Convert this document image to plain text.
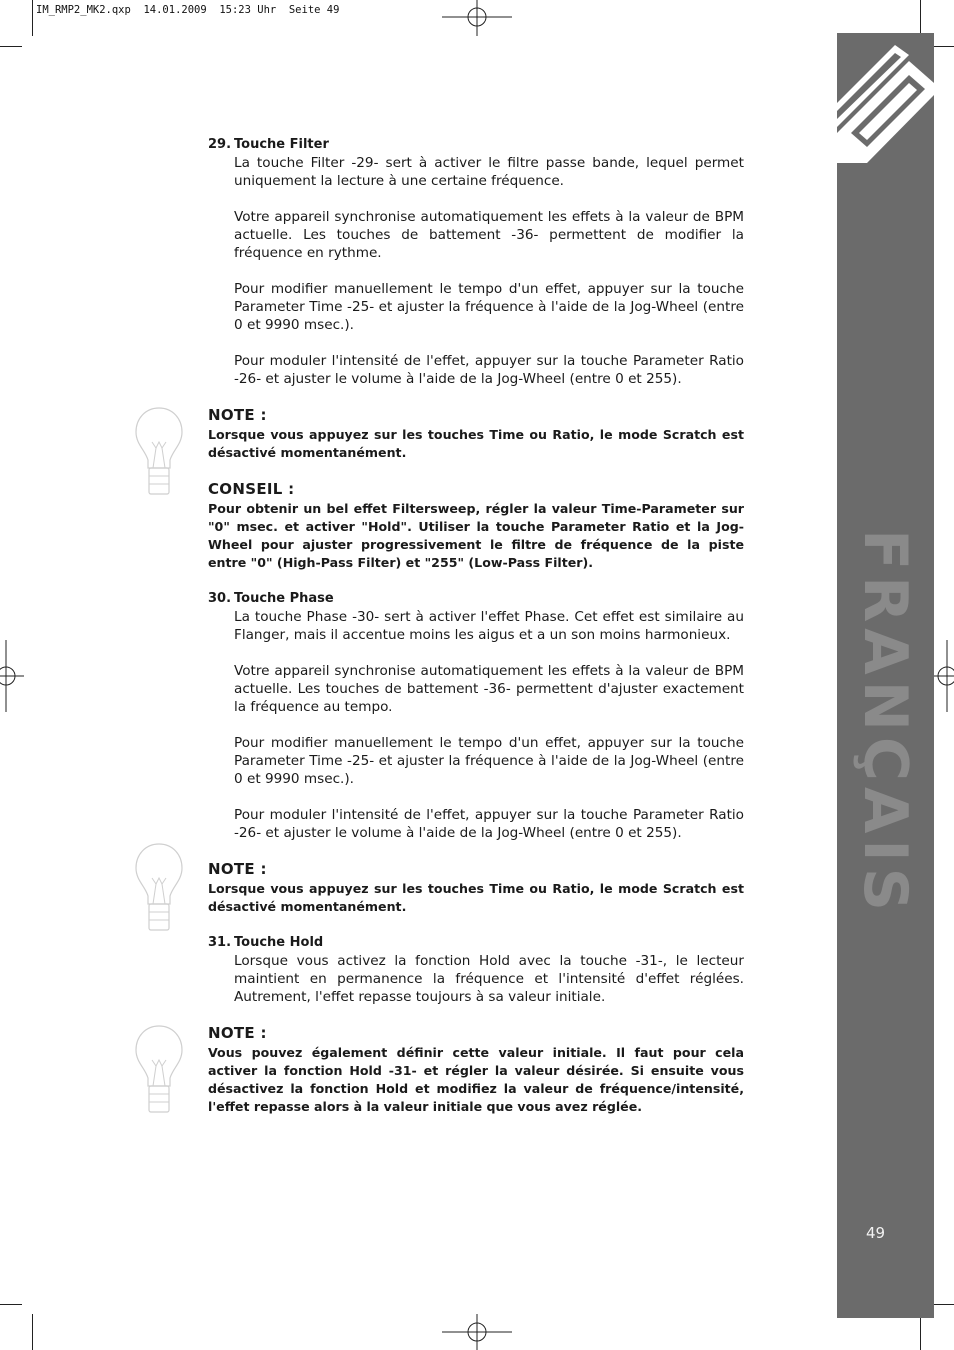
IM_RMP2_MK2.qxp  14.01.2009  15:23 Uhr  Seite 49
FRANÇAIS
49

29. Touche Filter

La touche Filter -29- sert à activer le filtre passe bande, lequel permet uniquement la lecture à une certaine fréquence.

Votre appareil synchronise automatiquement les effets à la valeur de BPM actuelle. Les touches de battement -36- permettent de modifier la fréquence en rythme.

Pour modifier manuellement le tempo d'un effet, appuyer sur la touche Parameter Time -25- et ajuster la fréquence à l'aide de la Jog-Wheel (entre 0 et 9990 msec.).

Pour moduler l'intensité de l'effet, appuyer sur la touche Parameter Ratio -26- et ajuster le volume à l'aide de la Jog-Wheel (entre 0 et 255).

NOTE :

Lorsque vous appuyez sur les touches Time ou Ratio, le mode Scratch est désactivé momentanément.

CONSEIL :

Pour obtenir un bel effet Filtersweep, régler la valeur Time-Parameter sur "0" msec. et activer "Hold". Utiliser la touche Parameter Ratio et la Jog-Wheel pour ajuster progressivement le filtre de fréquence de la piste entre "0" (High-Pass Filter) et "255" (Low-Pass Filter).

30. Touche Phase

La touche Phase -30- sert à activer l'effet Phase. Cet effet est similaire au Flanger, mais il accentue moins les aigus et a un son moins harmonieux.

Votre appareil synchronise automatiquement les effets à la valeur de BPM actuelle. Les touches de battement -36- permettent d'ajuster exactement la fréquence au tempo.

Pour modifier manuellement le tempo d'un effet, appuyer sur la touche Parameter Time -25- et ajuster la fréquence à l'aide de la Jog-Wheel (entre 0 et 9990 msec.).

Pour moduler l'intensité de l'effet, appuyer sur la touche Parameter Ratio -26- et ajuster le volume à l'aide de la Jog-Wheel (entre 0 et 255).

NOTE :

Lorsque vous appuyez sur les touches Time ou Ratio, le mode Scratch est désactivé momentanément.

31. Touche Hold

Lorsque vous activez la fonction Hold avec la touche -31-, le lecteur maintient en permanence la fréquence et l'intensité d'effet réglées. Autrement, l'effet repasse toujours à sa valeur initiale.

NOTE :

Vous pouvez également définir cette valeur initiale. Il faut pour cela activer la fonction Hold -31- et régler la valeur désirée. Si ensuite vous désactivez la fonction Hold et modifiez la valeur de fréquence/intensité, l'effet repasse alors à la valeur initiale que vous avez réglée.
